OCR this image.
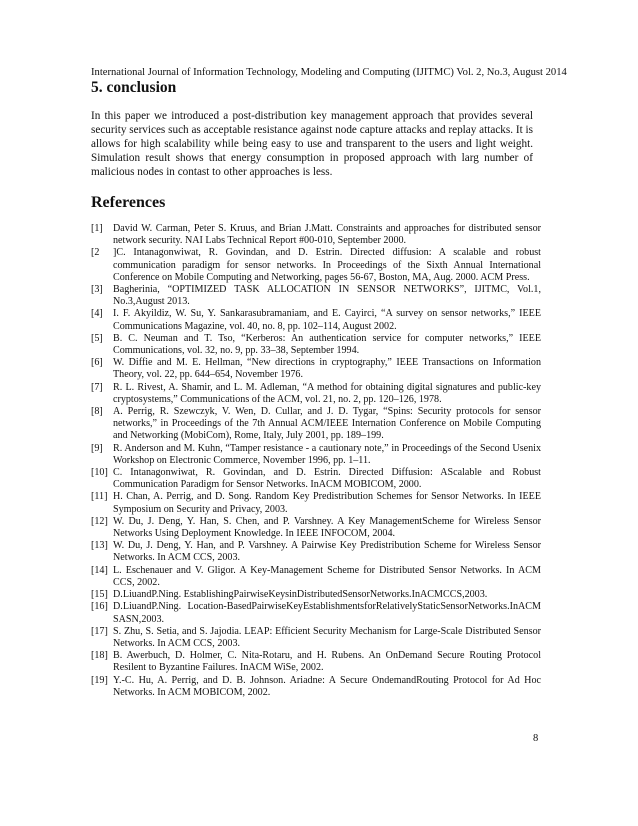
International Journal of Information Technology, Modeling and Computing (IJITMC) Vol. 2, No.3, August 2014
5. conclusion

In this paper we introduced a post-distribution key management approach that provides several security services such as acceptable resistance against node capture attacks and replay attacks. It is allows for high scalability while being easy to use and transparent to the users and light weight. Simulation result shows that energy consumption in proposed approach with larg number of malicious nodes in contast to other approaches is less.

References
[1]	David W. Carman, Peter S. Kruus, and Brian J.Matt. Constraints and approaches for distributed sensor network security. NAI Labs Technical Report #00-010, September 2000.
[2	]C. Intanagonwiwat, R. Govindan, and D. Estrin. Directed diffusion: A scalable and robust communication paradigm for sensor networks. In Proceedings of the Sixth Annual International Conference on Mobile Computing and Networking, pages 56-67, Boston, MA, Aug. 2000. ACM Press.
[3]	Bagherinia, “OPTIMIZED TASK ALLOCATION IN SENSOR NETWORKS”, IJITMC, Vol.1, No.3,August 2013.
[4]	I. F. Akyildiz, W. Su, Y. Sankarasubramaniam, and E. Cayirci, “A survey on sensor networks,” IEEE Communications Magazine, vol. 40, no. 8, pp. 102–114, August 2002.
[5]	B. C. Neuman and T. Tso, “Kerberos: An authentication service for computer networks,” IEEE Communications, vol. 32, no. 9, pp. 33–38, September 1994.
[6]	W. Diffie and M. E. Hellman, “New directions in cryptography,” IEEE Transactions on Information Theory, vol. 22, pp. 644–654, November 1976.
[7]	R. L. Rivest, A. Shamir, and L. M. Adleman, “A method for obtaining digital signatures and public-key cryptosystems,” Communications of the ACM, vol. 21, no. 2, pp. 120–126, 1978.
[8]	A. Perrig, R. Szewczyk, V. Wen, D. Cullar, and J. D. Tygar, “Spins: Security protocols for sensor networks,” in Proceedings of the 7th Annual ACM/IEEE Internation Conference on Mobile Computing and Networking (MobiCom), Rome, Italy, July 2001, pp. 189–199.
[9]	R. Anderson and M. Kuhn, “Tamper resistance - a cautionary note,” in Proceedings of the Second Usenix Workshop on Electronic Commerce, November 1996, pp. 1–11.
[10] C. Intanagonwiwat, R. Govindan, and D. Estrin. Directed Diffusion: AScalable and Robust Communication Paradigm for Sensor Networks. InACM MOBICOM, 2000.
[11] H. Chan, A. Perrig, and D. Song. Random Key Predistribution Schemes for Sensor Networks. In IEEE Symposium on Security and Privacy, 2003.
[12] W. Du, J. Deng, Y. Han, S. Chen, and P. Varshney. A Key ManagementScheme for Wireless Sensor Networks Using Deployment Knowledge. In IEEE INFOCOM, 2004.
[13] W. Du, J. Deng, Y. Han, and P. Varshney. A Pairwise Key Predistribution Scheme for Wireless Sensor Networks. In ACM CCS, 2003.
[14] L. Eschenauer and V. Gligor. A Key-Management Scheme for Distributed Sensor Networks. In ACM CCS, 2002.
[15] D.LiuandP.Ning. EstablishingPairwiseKeysinDistributedSensorNetworks.InACMCCS,2003.
[16] D.LiuandP.Ning. Location-BasedPairwiseKeyEstablishmentsforRelativelyStaticSensorNetworks.InACMSASN,2003.
[17] S. Zhu, S. Setia, and S. Jajodia. LEAP: Efficient Security Mechanism for Large-Scale Distributed Sensor Networks. In ACM CCS, 2003.
[18] B. Awerbuch, D. Holmer, C. Nita-Rotaru, and H. Rubens. An OnDemand Secure Routing Protocol Resilent to Byzantine Failures. InACM WiSe, 2002.
[19] Y.-C. Hu, A. Perrig, and D. B. Johnson. Ariadne: A Secure OndemandRouting Protocol for Ad Hoc Networks. In ACM MOBICOM, 2002.
8
